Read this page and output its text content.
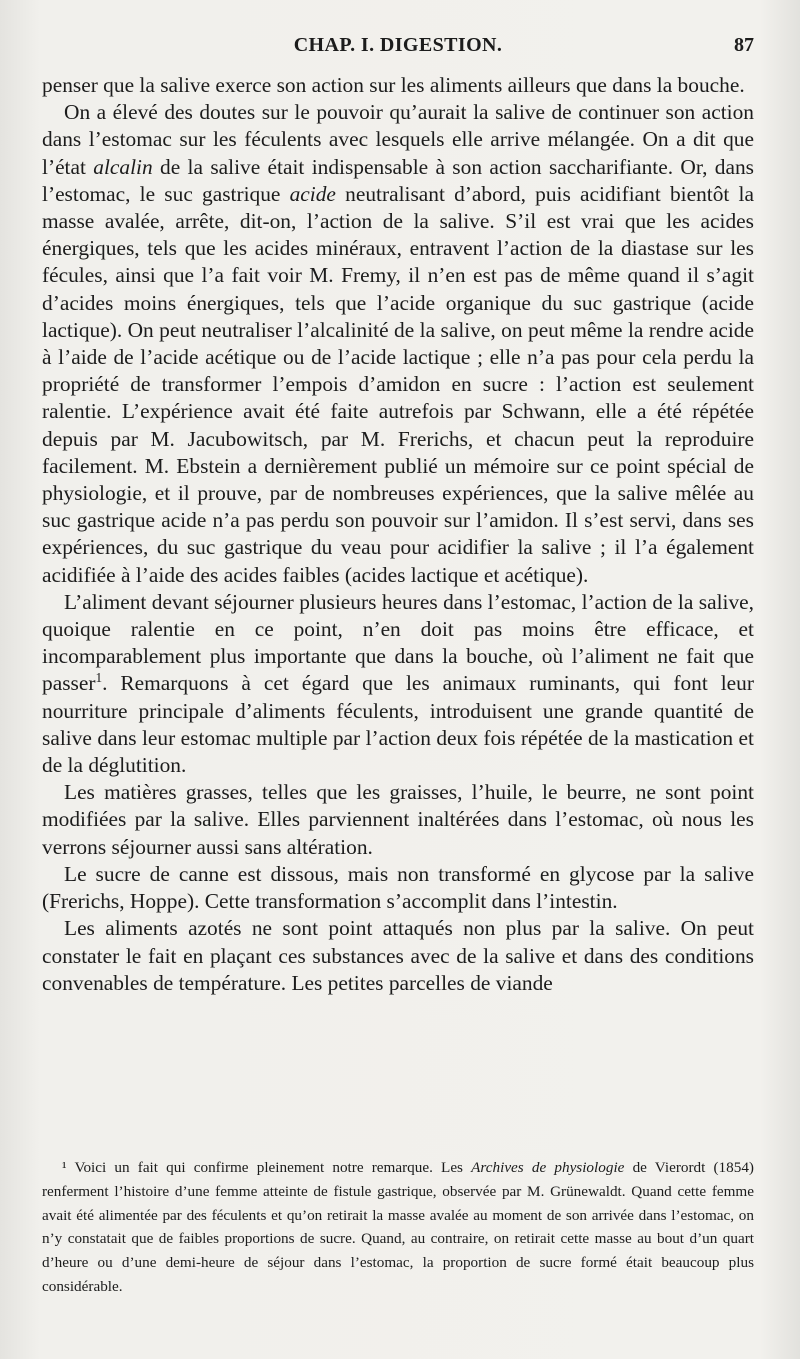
CHAP. I. DIGESTION.	87

penser que la salive exerce son action sur les aliments ailleurs que dans la bouche.

On a élevé des doutes sur le pouvoir qu’aurait la salive de continuer son action dans l’estomac sur les féculents avec lesquels elle arrive mélangée. On a dit que l’état alcalin de la salive était indispensable à son action saccharifiante. Or, dans l’estomac, le suc gastrique acide neutralisant d’abord, puis acidifiant bientôt la masse avalée, arrête, dit-on, l’action de la salive. S’il est vrai que les acides énergiques, tels que les acides minéraux, entravent l’action de la diastase sur les fécules, ainsi que l’a fait voir M. Fremy, il n’en est pas de même quand il s’agit d’acides moins énergiques, tels que l’acide organique du suc gastrique (acide lactique). On peut neutraliser l’alcalinité de la salive, on peut même la rendre acide à l’aide de l’acide acétique ou de l’acide lactique ; elle n’a pas pour cela perdu la propriété de transformer l’empois d’amidon en sucre : l’action est seulement ralentie. L’expérience avait été faite autrefois par Schwann, elle a été répétée depuis par M. Jacubowitsch, par M. Frerichs, et chacun peut la reproduire facilement. M. Ebstein a dernièrement publié un mémoire sur ce point spécial de physiologie, et il prouve, par de nombreuses expériences, que la salive mêlée au suc gastrique acide n’a pas perdu son pouvoir sur l’amidon. Il s’est servi, dans ses expériences, du suc gastrique du veau pour acidifier la salive ; il l’a également acidifiée à l’aide des acides faibles (acides lactique et acétique).

L’aliment devant séjourner plusieurs heures dans l’estomac, l’action de la salive, quoique ralentie en ce point, n’en doit pas moins être efficace, et incomparablement plus importante que dans la bouche, où l’aliment ne fait que passer$^1$. Remarquons à cet égard que les animaux ruminants, qui font leur nourriture principale d’aliments féculents, introduisent une grande quantité de salive dans leur estomac multiple par l’action deux fois répétée de la mastication et de la déglutition.

Les matières grasses, telles que les graisses, l’huile, le beurre, ne sont point modifiées par la salive. Elles parviennent inaltérées dans l’estomac, où nous les verrons séjourner aussi sans altération.

Le sucre de canne est dissous, mais non transformé en glycose par la salive (Frerichs, Hoppe). Cette transformation s’accomplit dans l’intestin.

Les aliments azotés ne sont point attaqués non plus par la salive. On peut constater le fait en plaçant ces substances avec de la salive et dans des conditions convenables de température. Les petites parcelles de viande

¹ Voici un fait qui confirme pleinement notre remarque. Les Archives de physiologie de Vierordt (1854) renferment l’histoire d’une femme atteinte de fistule gastrique, observée par M. Grünewaldt. Quand cette femme avait été alimentée par des féculents et qu’on retirait la masse avalée au moment de son arrivée dans l’estomac, on n’y constatait que de faibles proportions de sucre. Quand, au contraire, on retirait cette masse au bout d’un quart d’heure ou d’une demi-heure de séjour dans l’estomac, la proportion de sucre formé était beaucoup plus considérable.
